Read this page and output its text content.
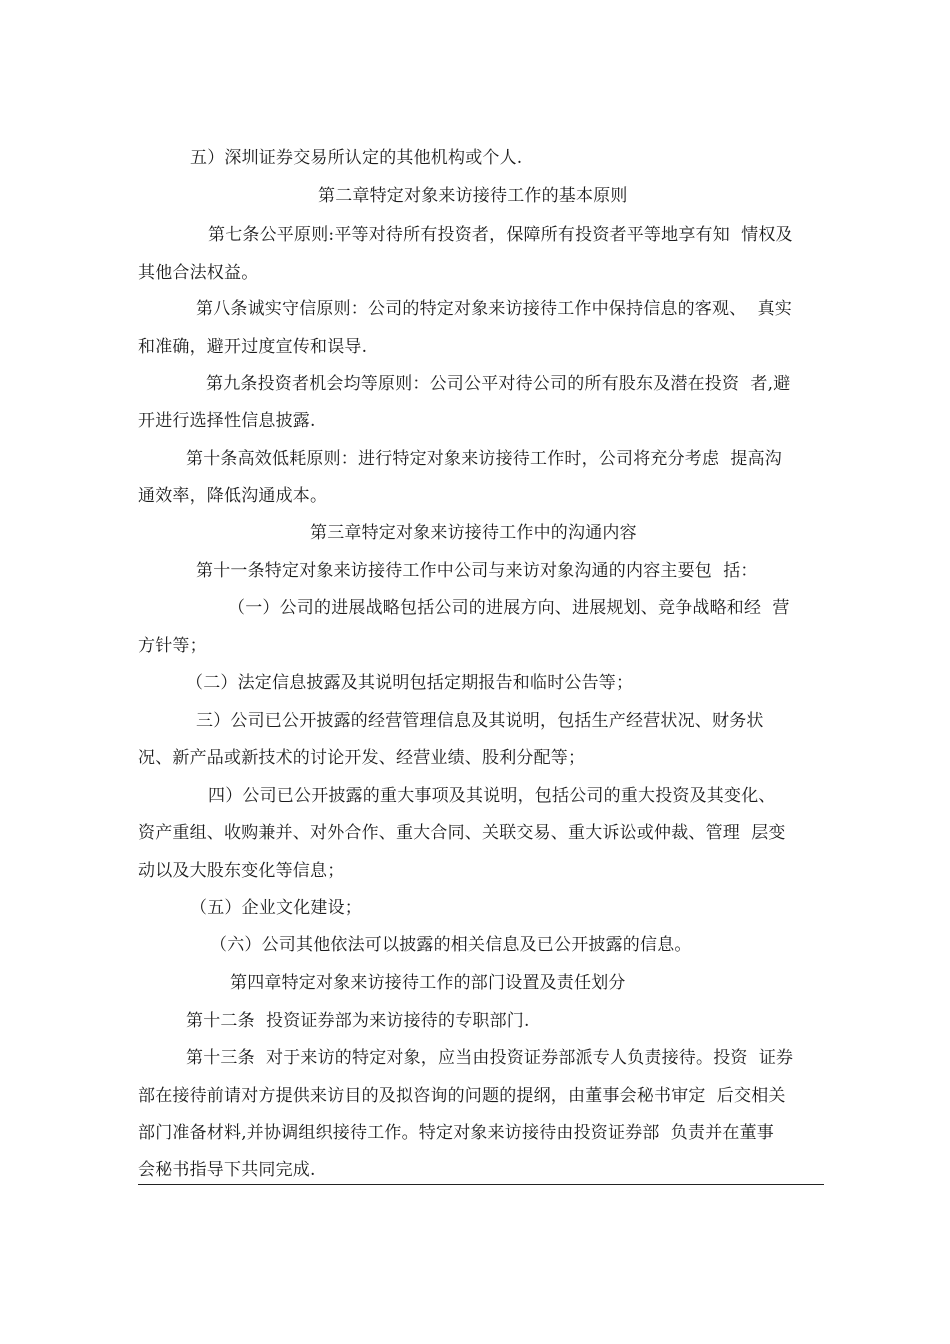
五）深圳证券交易所认定的其他机构或个人.

第二章特定对象来访接待工作的基本原则

第七条公平原则:平等对待所有投资者，保障所有投资者平等地享有知  情权及

其他合法权益。

第八条诚实守信原则：公司的特定对象来访接待工作中保持信息的客观、  真实

和准确，避开过度宣传和误导.

第九条投资者机会均等原则：公司公平对待公司的所有股东及潜在投资  者,避

开进行选择性信息披露.

第十条高效低耗原则：进行特定对象来访接待工作时，公司将充分考虑  提高沟

通效率，降低沟通成本。

第三章特定对象来访接待工作中的沟通内容

第十一条特定对象来访接待工作中公司与来访对象沟通的内容主要包  括：

（一）公司的进展战略包括公司的进展方向、进展规划、竞争战略和经  营

方针等；

（二）法定信息披露及其说明包括定期报告和临时公告等；

三）公司已公开披露的经营管理信息及其说明，包括生产经营状况、财务状

况、新产品或新技术的讨论开发、经营业绩、股利分配等；

四）公司已公开披露的重大事项及其说明，包括公司的重大投资及其变化、

资产重组、收购兼并、对外合作、重大合同、关联交易、重大诉讼或仲裁、管理  层变

动以及大股东变化等信息；

（五）企业文化建设；

（六）公司其他依法可以披露的相关信息及已公开披露的信息。

第四章特定对象来访接待工作的部门设置及责任划分

第十二条  投资证券部为来访接待的专职部门.

第十三条  对于来访的特定对象，应当由投资证券部派专人负责接待。投资  证券

部在接待前请对方提供来访目的及拟咨询的问题的提纲，由董事会秘书审定  后交相关

部门准备材料,并协调组织接待工作。特定对象来访接待由投资证券部  负责并在董事

会秘书指导下共同完成.
